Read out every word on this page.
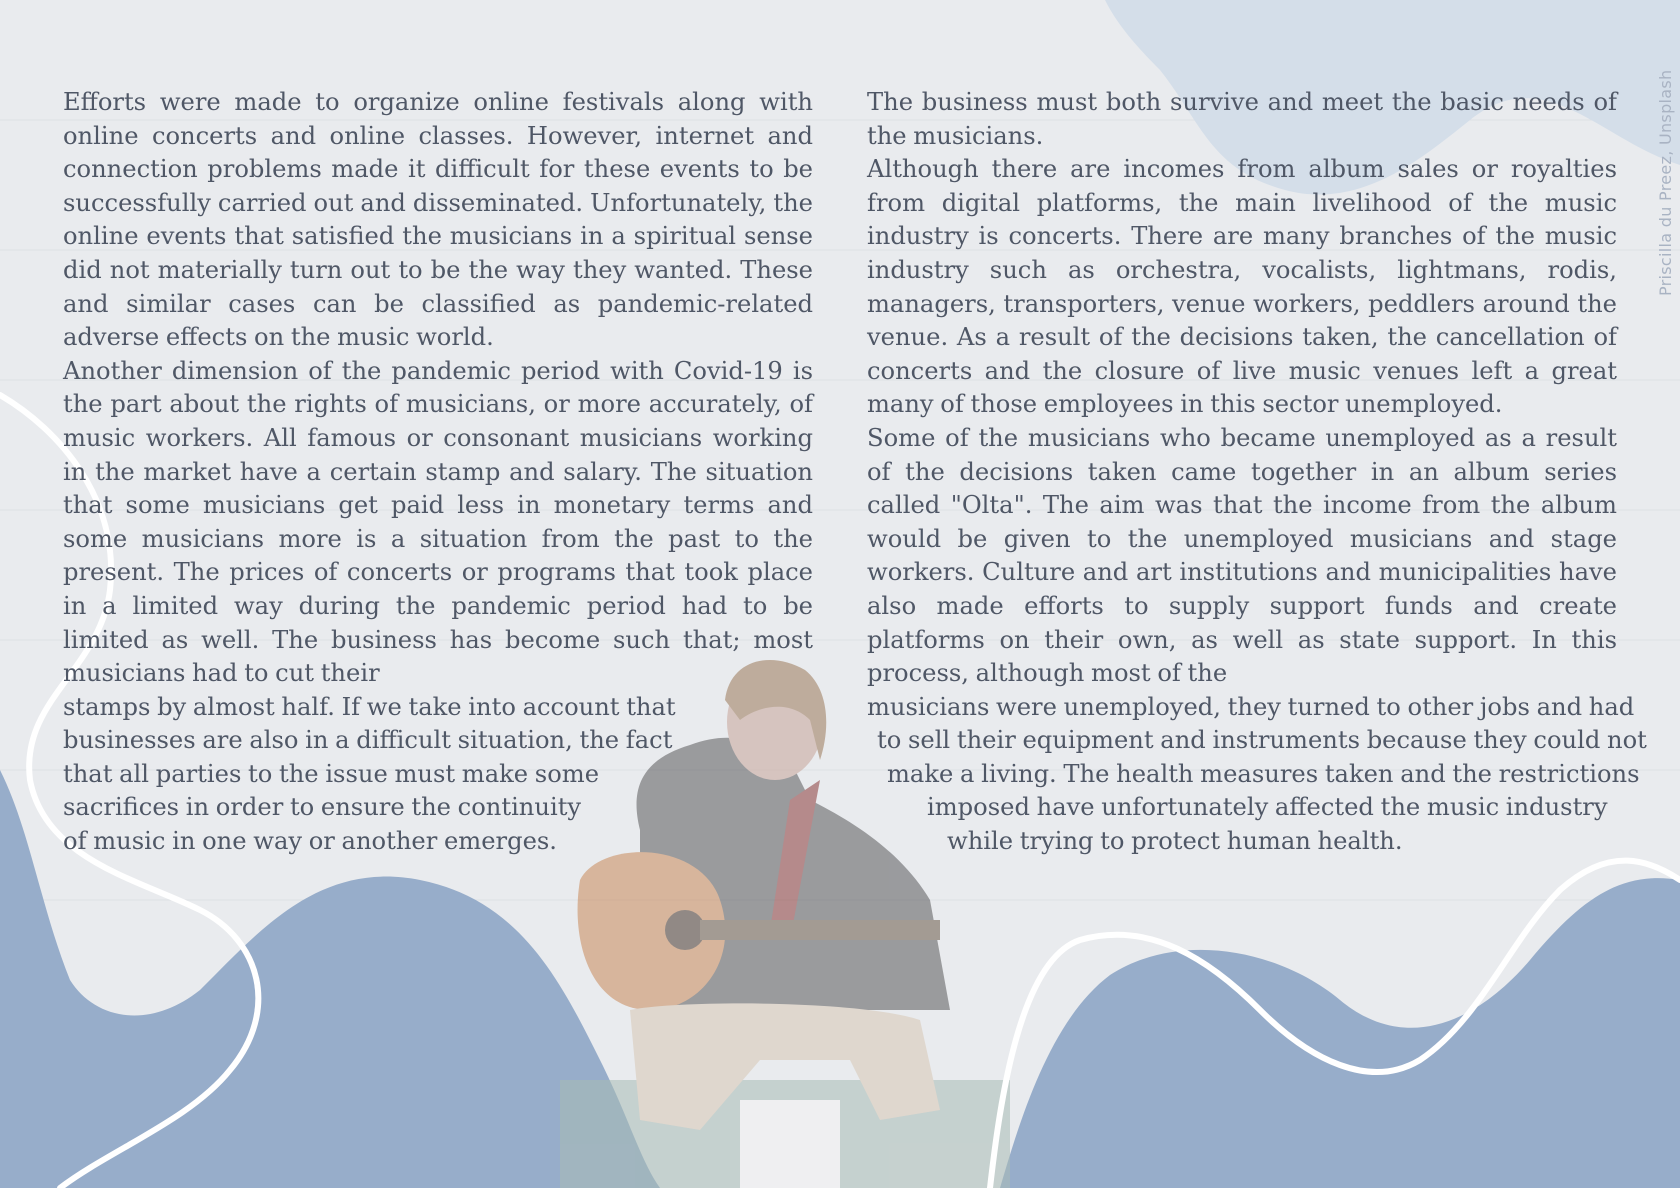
Priscilla du Preez, Unsplash

Efforts were made to organize online festivals along with online concerts and online classes. However, internet and connection problems made it difficult for these events to be successfully carried out and disseminated. Unfortunately, the online events that satisfied the musicians in a spiritual sense did not materially turn out to be the way they wanted. These and similar cases can be classified as pandemic-related adverse effects on the music world.

Another dimension of the pandemic period with Covid-19 is the part about the rights of musicians, or more accurately, of music workers. All famous or consonant musicians working in the market have a certain stamp and salary. The situation that some musicians get paid less in monetary terms and some musicians more is a situation from the past to the present. The prices of concerts or programs that took place in a limited way during the pandemic period had to be limited as well. The business has become such that; most musicians had to cut their

stamps by almost half. If we take into account that
businesses are also in a difficult situation, the fact
that all parties to the issue must make some
sacrifices in order to ensure the continuity
of music in one way or another emerges.

The business must both survive and meet the basic needs of the musicians.

Although there are incomes from album sales or royalties from digital platforms, the main livelihood of the music industry is concerts. There are many branches of the music industry such as orchestra, vocalists, lightmans, rodis, managers, transporters, venue workers, peddlers around the venue. As a result of the decisions taken, the cancellation of concerts and the closure of live music venues left a great many of those employees in this sector unemployed.

Some of the musicians who became unemployed as a result of the decisions taken came together in an album series called "Olta". The aim was that the income from the album would be given to the unemployed musicians and stage workers. Culture and art institutions and municipalities have also made efforts to supply support funds and create platforms on their own, as well as state support. In this process, although most of the

musicians were unemployed, they turned to other jobs and had
to sell their equipment and instruments because they could not
make a living. The health measures taken and the restrictions
imposed have unfortunately affected the music industry
while trying to protect human health.
